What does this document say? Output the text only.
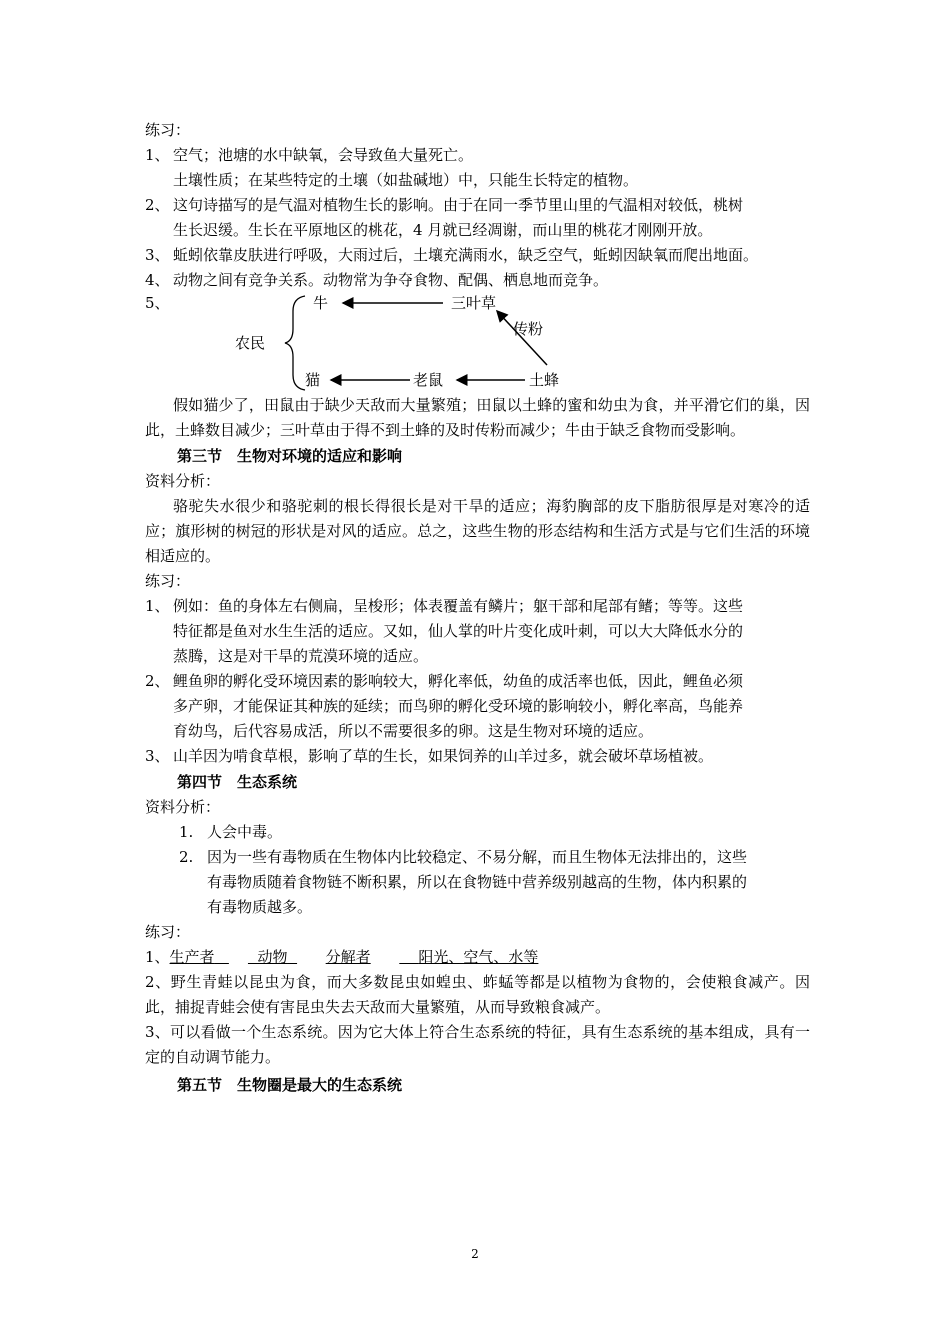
练习：
1、 空气；池塘的水中缺氧，会导致鱼大量死亡。
土壤性质；在某些特定的土壤（如盐碱地）中，只能生长特定的植物。
2、 这句诗描写的是气温对植物生长的影响。由于在同一季节里山里的气温相对较低，桃树
生长迟缓。生长在平原地区的桃花，4 月就已经凋谢，而山里的桃花才刚刚开放。
3、 蚯蚓依靠皮肤进行呼吸，大雨过后，土壤充满雨水，缺乏空气，蚯蚓因缺氧而爬出地面。
4、 动物之间有竞争关系。动物常为争夺食物、配偶、栖息地而竞争。
5、	牛	三叶草
传粉
农民
猫	老鼠	土蜂
假如猫少了，田鼠由于缺少天敌而大量繁殖；田鼠以土蜂的蜜和幼虫为食，并平滑它们的巢，因此，土蜂数目减少；三叶草由于得不到土蜂的及时传粉而减少；牛由于缺乏食物而受影响。
第三节　生物对环境的适应和影响
资料分析：
骆驼失水很少和骆驼刺的根长得很长是对干旱的适应；海豹胸部的皮下脂肪很厚是对寒冷的适应；旗形树的树冠的形状是对风的适应。总之，这些生物的形态结构和生活方式是与它们生活的环境相适应的。
练习：
1、 例如：鱼的身体左右侧扁，呈梭形；体表覆盖有鳞片；躯干部和尾部有鳍；等等。这些
特征都是鱼对水生生活的适应。又如，仙人掌的叶片变化成叶刺，可以大大降低水分的
蒸腾，这是对干旱的荒漠环境的适应。
2、 鲤鱼卵的孵化受环境因素的影响较大，孵化率低，幼鱼的成活率也低，因此，鲤鱼必须
多产卵，才能保证其种族的延续；而鸟卵的孵化受环境的影响较小，孵化率高，鸟能养
育幼鸟，后代容易成活，所以不需要很多的卵。这是生物对环境的适应。
3、 山羊因为啃食草根，影响了草的生长，如果饲养的山羊过多，就会破坏草场植被。
第四节　生态系统
资料分析：
1. 人会中毒。
2. 因为一些有毒物质在生物体内比较稳定、不易分解，而且生物体无法排出的，这些
有毒物质随着食物链不断积累，所以在食物链中营养级别越高的生物，体内积累的
有毒物质越多。
练习：
1、生产者	动物	分解者	阳光、空气、水等
2、野生青蛙以昆虫为食，而大多数昆虫如蝗虫、蚱蜢等都是以植物为食物的，会使粮食减产。因此，捕捉青蛙会使有害昆虫失去天敌而大量繁殖，从而导致粮食减产。
3、可以看做一个生态系统。因为它大体上符合生态系统的特征，具有生态系统的基本组成，具有一定的自动调节能力。
第五节　生物圈是最大的生态系统
2
